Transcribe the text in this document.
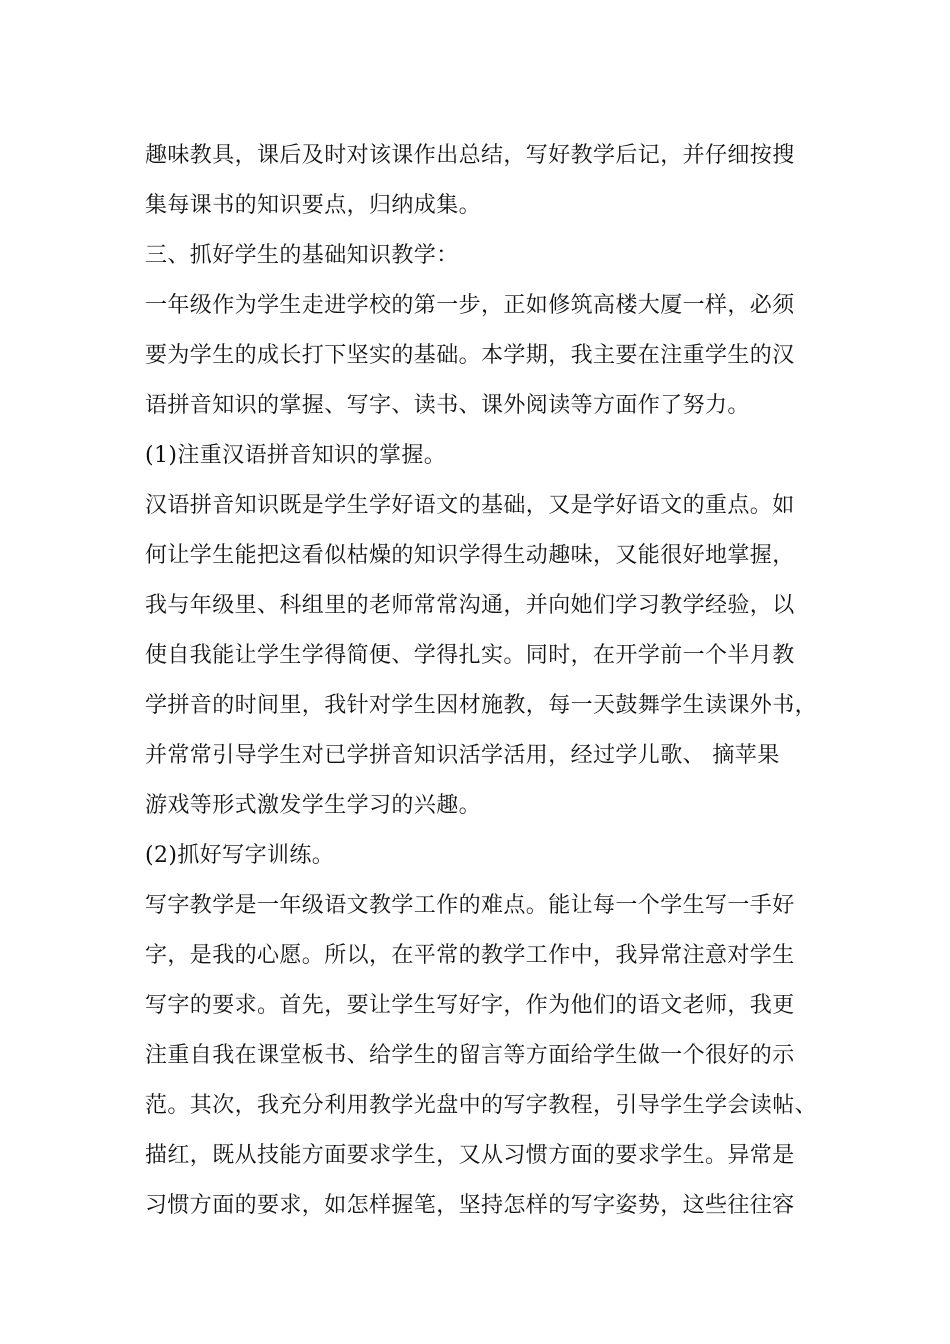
趣味教具，课后及时对该课作出总结，写好教学后记，并仔细按搜
集每课书的知识要点，归纳成集。
三、抓好学生的基础知识教学：
一年级作为学生走进学校的第一步，正如修筑高楼大厦一样，必须
要为学生的成长打下坚实的基础。本学期，我主要在注重学生的汉
语拼音知识的掌握、写字、读书、课外阅读等方面作了努力。
(1)注重汉语拼音知识的掌握。
汉语拼音知识既是学生学好语文的基础，又是学好语文的重点。如
何让学生能把这看似枯燥的知识学得生动趣味，又能很好地掌握，
我与年级里、科组里的老师常常沟通，并向她们学习教学经验，以
使自我能让学生学得简便、学得扎实。同时，在开学前一个半月教
学拼音的时间里，我针对学生因材施教，每一天鼓舞学生读课外书，
并常常引导学生对已学拼音知识活学活用，经过学儿歌、 摘苹果
游戏等形式激发学生学习的兴趣。
(2)抓好写字训练。
写字教学是一年级语文教学工作的难点。能让每一个学生写一手好
字，是我的心愿。所以，在平常的教学工作中，我异常注意对学生
写字的要求。首先，要让学生写好字，作为他们的语文老师，我更
注重自我在课堂板书、给学生的留言等方面给学生做一个很好的示
范。其次，我充分利用教学光盘中的写字教程，引导学生学会读帖、
描红，既从技能方面要求学生，又从习惯方面的要求学生。异常是
习惯方面的要求，如怎样握笔，坚持怎样的写字姿势，这些往往容
